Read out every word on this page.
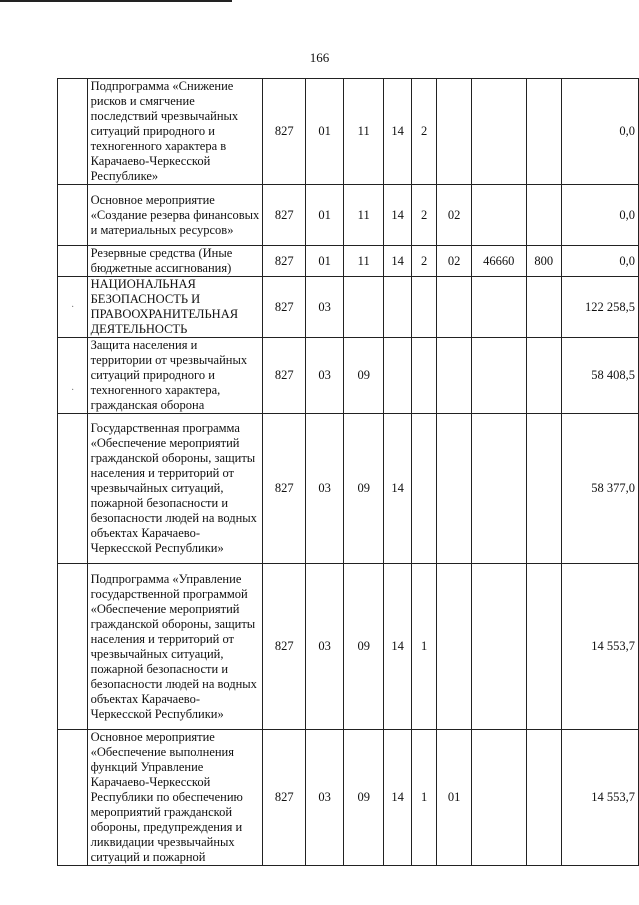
166
	Подпрограмма «Снижение рисков и смягчение последствий чрезвычайных ситуаций природного и техногенного характера в Карачаево-Черкесской Республике»	827	01	11	14	2				0,0
	Основное мероприятие «Создание резерва финансовых и материальных ресурсов»	827	01	11	14	2	02			0,0
	Резервные средства (Иные бюджетные ассигнования)	827	01	11	14	2	02	46660	800	0,0

·	НАЦИОНАЛЬНАЯ БЕЗОПАСНОСТЬ И ПРАВООХРАНИТЕЛЬНАЯ ДЕЯТЕЛЬНОСТЬ	827	03							122 258,5

·	Защита населения и территории от чрезвычайных ситуаций природного и техногенного характера, гражданская оборона	827	03	09						58 408,5
	Государственная программа «Обеспечение мероприятий гражданской обороны, защиты населения и территорий от чрезвычайных ситуаций, пожарной безопасности и безопасности людей на водных объектах Карачаево-Черкесской Республики»	827	03	09	14					58 377,0
	Подпрограмма «Управление государственной программой «Обеспечение мероприятий гражданской обороны, защиты населения и территорий от чрезвычайных ситуаций, пожарной безопасности и безопасности людей на водных объектах Карачаево-Черкесской Республики»	827	03	09	14	1				14 553,7
	Основное мероприятие «Обеспечение выполнения функций Управление Карачаево-Черкесской Республики по обеспечению мероприятий гражданской обороны, предупреждения и ликвидации чрезвычайных ситуаций и пожарной	827	03	09	14	1	01			14 553,7
